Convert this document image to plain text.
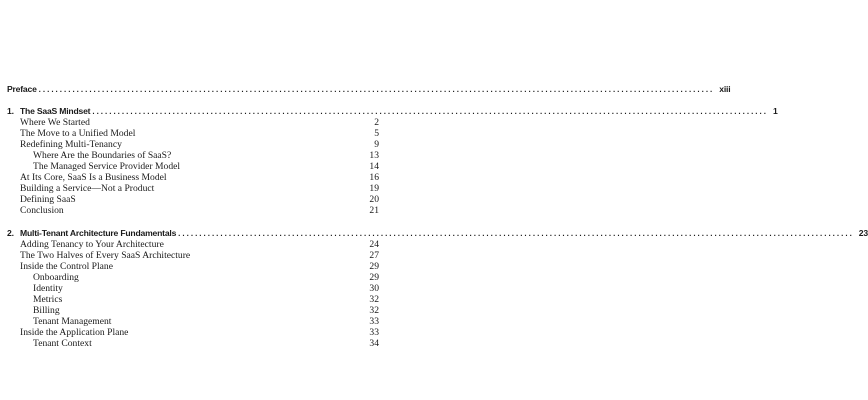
Preface ................................................................................................................................................................ xiii
1. The SaaS Mindset ................................................................................................................................................................ 1
Where We Started	2
The Move to a Unified Model	5
Redefining Multi-Tenancy	9
Where Are the Boundaries of SaaS?	13
The Managed Service Provider Model	14
At Its Core, SaaS Is a Business Model	16
Building a Service—Not a Product	19
Defining SaaS	20
Conclusion	21
2. Multi-Tenant Architecture Fundamentals ................................................................................................................................................................ 23
Adding Tenancy to Your Architecture	24
The Two Halves of Every SaaS Architecture	27
Inside the Control Plane	29
Onboarding	29
Identity	30
Metrics	32
Billing	32
Tenant Management	33
Inside the Application Plane	33
Tenant Context	34
